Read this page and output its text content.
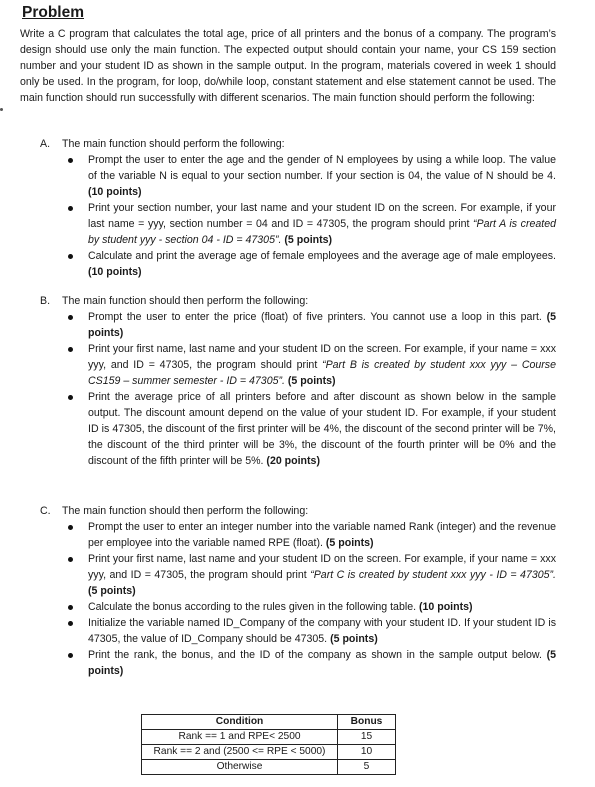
Problem

Write a C program that calculates the total age, price of all printers and the bonus of a company. The program’s design should use only the main function. The expected output should contain your name, your CS 159 section number and your student ID as shown in the sample output. In the program, materials covered in week 1 should only be used. In the program, for loop, do/while loop, constant statement and else statement cannot be used. The main function should run successfully with different scenarios. The main function should perform the following:

A. The main function should perform the following:

Prompt the user to enter the age and the gender of N employees by using a while loop. The value of the variable N is equal to your section number. If your section is 04, the value of N should be 4. (10 points)
Print your section number, your last name and your student ID on the screen. For example, if your last name = yyy, section number = 04 and ID = 47305, the program should print “Part A is created by student yyy - section 04 - ID = 47305”. (5 points)
Calculate and print the average age of female employees and the average age of male employees. (10 points)

B. The main function should then perform the following:

Prompt the user to enter the price (float) of five printers. You cannot use a loop in this part. (5 points)
Print your first name, last name and your student ID on the screen. For example, if your name = xxx yyy, and ID = 47305, the program should print “Part B is created by student xxx yyy – Course CS159 – summer semester - ID = 47305”. (5 points)
Print the average price of all printers before and after discount as shown below in the sample output. The discount amount depend on the value of your student ID. For example, if your student ID is 47305, the discount of the first printer will be 4%, the discount of the second printer will be 7%, the discount of the third printer will be 3%, the discount of the fourth printer will be 0% and the discount of the fifth printer will be 5%. (20 points)

C. The main function should then perform the following:

Prompt the user to enter an integer number into the variable named Rank (integer) and the revenue per employee into the variable named RPE (float). (5 points)
Print your first name, last name and your student ID on the screen. For example, if your name = xxx yyy, and ID = 47305, the program should print “Part C is created by student xxx yyy - ID = 47305”. (5 points)
Calculate the bonus according to the rules given in the following table. (10 points)
Initialize the variable named ID_Company of the company with your student ID. If your student ID is 47305, the value of ID_Company should be 47305. (5 points)
Print the rank, the bonus, and the ID of the company as shown in the sample output below. (5 points)
Condition	Bonus
Rank == 1 and RPE< 2500	15
Rank == 2 and (2500 <= RPE < 5000)	10
Otherwise	5
